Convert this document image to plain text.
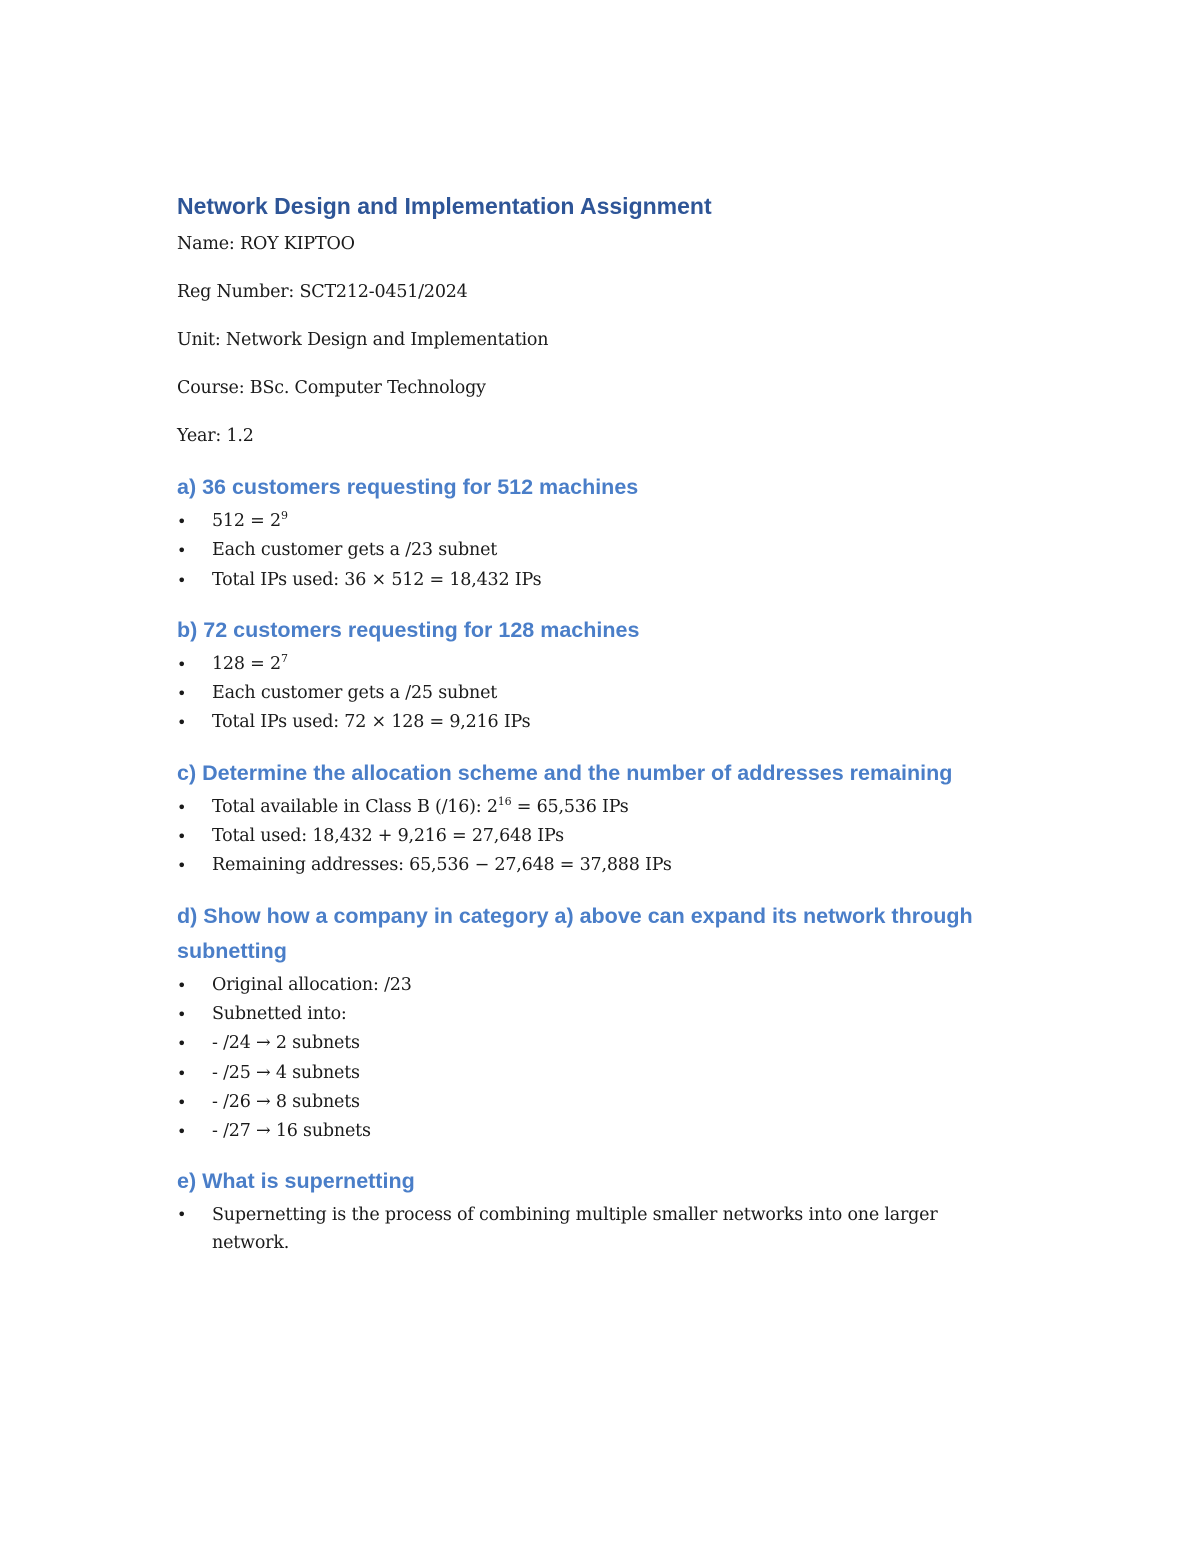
Network Design and Implementation Assignment
Name: ROY KIPTOO
Reg Number: SCT212-0451/2024
Unit: Network Design and Implementation
Course: BSc. Computer Technology
Year: 1.2
a) 36 customers requesting for 512 machines
• $512 = 2^9$
• Each customer gets a /23 subnet
• Total IPs used: 36 × 512 = 18,432 IPs
b) 72 customers requesting for 128 machines
• $128 = 2^7$
• Each customer gets a /25 subnet
• Total IPs used: 72 × 128 = 9,216 IPs
c) Determine the allocation scheme and the number of addresses remaining
• Total available in Class B (/16): $2^{16} = 65,536$ IPs
• Total used: 18,432 + 9,216 = 27,648 IPs
• Remaining addresses: 65,536 − 27,648 = 37,888 IPs
d) Show how a company in category a) above can expand its network through subnetting
• Original allocation: /23
• Subnetted into:
• - /24 → 2 subnets
• - /25 → 4 subnets
• - /26 → 8 subnets
• - /27 → 16 subnets
e) What is supernetting
• Supernetting is the process of combining multiple smaller networks into one larger network.
